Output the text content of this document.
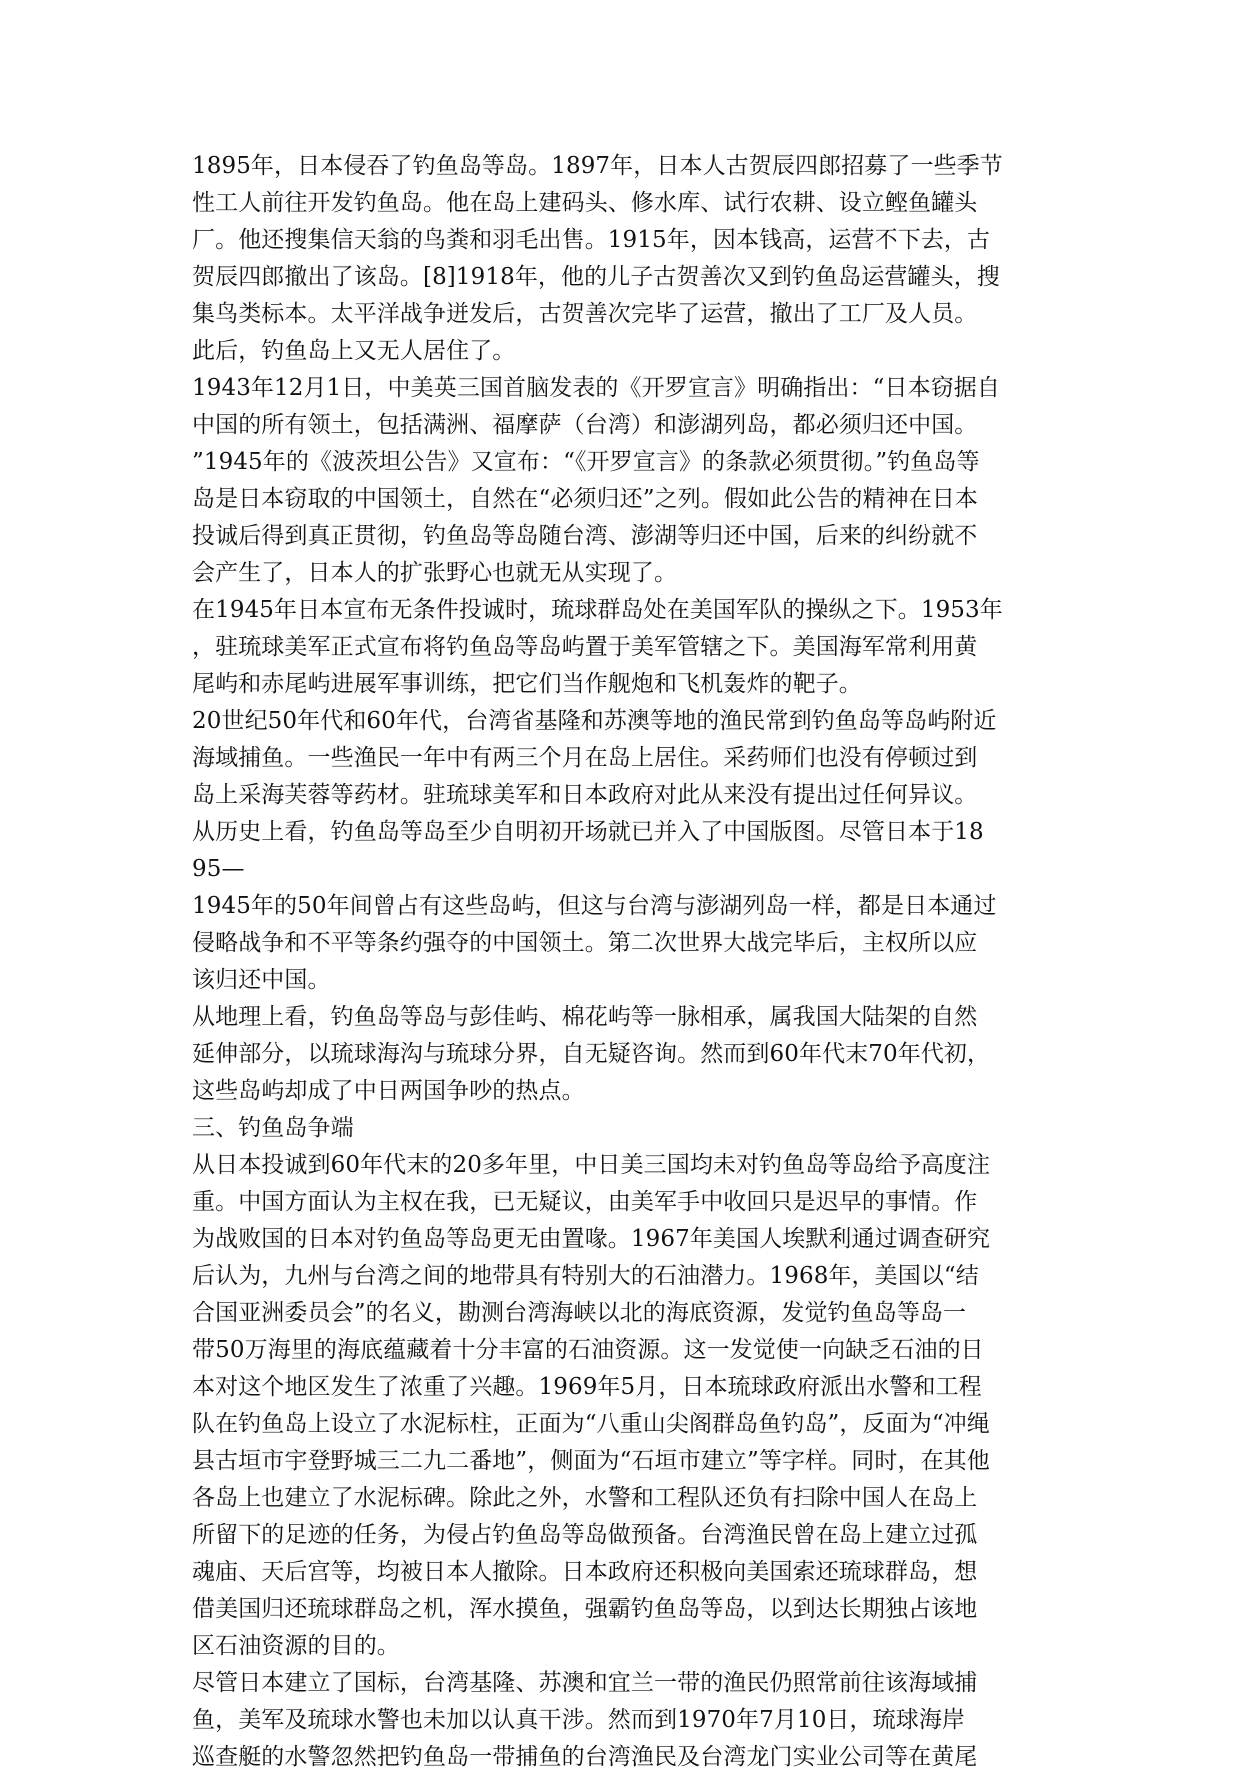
1895年，日本侵吞了钓鱼岛等岛。1897年，日本人古贺辰四郎招募了一些季节
性工人前往开发钓鱼岛。他在岛上建码头、修水库、试行农耕、设立鲣鱼罐头
厂。他还搜集信天翁的鸟粪和羽毛出售。1915年，因本钱高，运营不下去，古
贺辰四郎撤出了该岛。[8]1918年，他的儿子古贺善次又到钓鱼岛运营罐头，搜
集鸟类标本。太平洋战争迸发后，古贺善次完毕了运营，撤出了工厂及人员。
此后，钓鱼岛上又无人居住了。
1943年12月1日，中美英三国首脑发表的《开罗宣言》明确指出：“日本窃据自
中国的所有领土，包括满洲、福摩萨（台湾）和澎湖列岛，都必须归还中国。
”1945年的《波茨坦公告》又宣布：“《开罗宣言》的条款必须贯彻。”钓鱼岛等
岛是日本窃取的中国领土，自然在“必须归还”之列。假如此公告的精神在日本
投诚后得到真正贯彻，钓鱼岛等岛随台湾、澎湖等归还中国，后来的纠纷就不
会产生了，日本人的扩张野心也就无从实现了。
在1945年日本宣布无条件投诚时，琉球群岛处在美国军队的操纵之下。1953年
，驻琉球美军正式宣布将钓鱼岛等岛屿置于美军管辖之下。美国海军常利用黄
尾屿和赤尾屿进展军事训练，把它们当作舰炮和飞机轰炸的靶子。
20世纪50年代和60年代，台湾省基隆和苏澳等地的渔民常到钓鱼岛等岛屿附近
海域捕鱼。一些渔民一年中有两三个月在岛上居住。采药师们也没有停顿过到
岛上采海芙蓉等药材。驻琉球美军和日本政府对此从来没有提出过任何异议。
从历史上看，钓鱼岛等岛至少自明初开场就已并入了中国版图。尽管日本于18
95—
1945年的50年间曾占有这些岛屿，但这与台湾与澎湖列岛一样，都是日本通过
侵略战争和不平等条约强夺的中国领土。第二次世界大战完毕后，主权所以应
该归还中国。
从地理上看，钓鱼岛等岛与彭佳屿、棉花屿等一脉相承，属我国大陆架的自然
延伸部分，以琉球海沟与琉球分界，自无疑咨询。然而到60年代末70年代初，
这些岛屿却成了中日两国争吵的热点。
三、钓鱼岛争端
从日本投诚到60年代末的20多年里，中日美三国均未对钓鱼岛等岛给予高度注
重。中国方面认为主权在我，已无疑议，由美军手中收回只是迟早的事情。作
为战败国的日本对钓鱼岛等岛更无由置喙。1967年美国人埃默利通过调查研究
后认为，九州与台湾之间的地带具有特别大的石油潜力。1968年，美国以“结
合国亚洲委员会”的名义，勘测台湾海峡以北的海底资源，发觉钓鱼岛等岛一
带50万海里的海底蕴藏着十分丰富的石油资源。这一发觉使一向缺乏石油的日
本对这个地区发生了浓重了兴趣。1969年5月，日本琉球政府派出水警和工程
队在钓鱼岛上设立了水泥标柱，正面为“八重山尖阁群岛鱼钓岛”，反面为“冲绳
县古垣市宇登野城三二九二番地”，侧面为“石垣市建立”等字样。同时，在其他
各岛上也建立了水泥标碑。除此之外，水警和工程队还负有扫除中国人在岛上
所留下的足迹的任务，为侵占钓鱼岛等岛做预备。台湾渔民曾在岛上建立过孤
魂庙、天后宫等，均被日本人撤除。日本政府还积极向美国索还琉球群岛，想
借美国归还琉球群岛之机，浑水摸鱼，强霸钓鱼岛等岛，以到达长期独占该地
区石油资源的目的。
尽管日本建立了国标，台湾基隆、苏澳和宜兰一带的渔民仍照常前往该海域捕
鱼，美军及琉球水警也未加以认真干涉。然而到1970年7月10日，琉球海岸
巡查艇的水警忽然把钓鱼岛一带捕鱼的台湾渔民及台湾龙门实业公司等在黄尾
